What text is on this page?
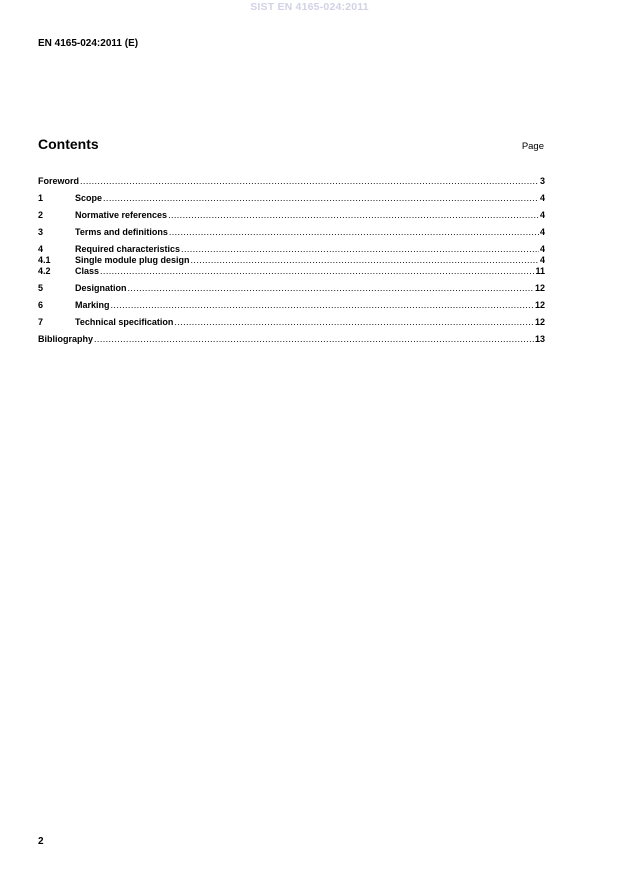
SIST EN 4165-024:2011
EN 4165-024:2011 (E)
Contents	Page
Foreword .....	3
1	Scope .....	4
2	Normative references .....	4
3	Terms and definitions .....	4
4	Required characteristics .....	4
4.1	Single module plug design .....	4
4.2	Class .....	11
5	Designation .....	12
6	Marking .....	12
7	Technical specification .....	12
Bibliography .....	13
2
